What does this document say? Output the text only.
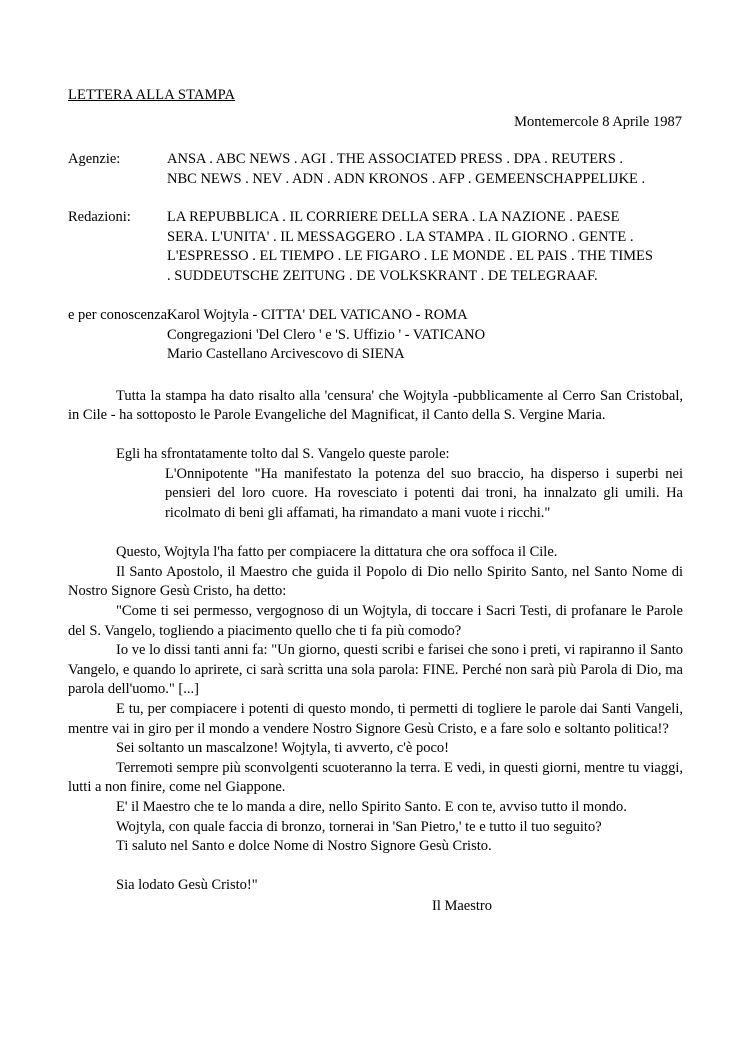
LETTERA ALLA STAMPA
Montemercole 8 Aprile 1987
Agenzie:	ANSA . ABC NEWS . AGI . THE ASSOCIATED PRESS . DPA . REUTERS .
NBC NEWS . NEV . ADN . ADN KRONOS . AFP . GEMEENSCHAPPELIJKE .
Redazioni:	LA REPUBBLICA . IL CORRIERE DELLA SERA . LA NAZIONE . PAESE
SERA. L'UNITA' . IL MESSAGGERO . LA STAMPA . IL GIORNO . GENTE .
L'ESPRESSO . EL TIEMPO . LE FIGARO . LE MONDE . EL PAIS . THE TIMES
. SUDDEUTSCHE ZEITUNG . DE VOLKSKRANT . DE TELEGRAAF.
e per conoscenza:
Karol Wojtyla - CITTA' DEL VATICANO - ROMA
Congregazioni 'Del Clero ' e 'S. Uffizio ' - VATICANO
Mario Castellano Arcivescovo di SIENA

Tutta la stampa ha dato risalto alla 'censura' che Wojtyla -pubblicamente al Cerro San Cristobal, in Cile - ha sottoposto le Parole Evangeliche del Magnificat, il Canto della S. Vergine Maria.

Egli ha sfrontatamente tolto dal S. Vangelo queste parole:

L'Onnipotente "Ha manifestato la potenza del suo braccio, ha disperso i superbi nei pensieri del loro cuore. Ha rovesciato i potenti dai troni, ha innalzato gli umili. Ha ricolmato di beni gli affamati, ha rimandato a mani vuote i ricchi."

Questo, Wojtyla l'ha fatto per compiacere la dittatura che ora soffoca il Cile.

Il Santo Apostolo, il Maestro che guida il Popolo di Dio nello Spirito Santo, nel Santo Nome di Nostro Signore Gesù Cristo, ha detto:

"Come ti sei permesso, vergognoso di un Wojtyla, di toccare i Sacri Testi, di profanare le Parole del S. Vangelo, togliendo a piacimento quello che ti fa più comodo?

Io ve lo dissi tanti anni fa: "Un giorno, questi scribi e farisei che sono i preti, vi rapiranno il Santo Vangelo, e quando lo aprirete, ci sarà scritta una sola parola: FINE. Perché non sarà più Parola di Dio, ma parola dell'uomo." [...]

E tu, per compiacere i potenti di questo mondo, ti permetti di togliere le parole dai Santi Vangeli, mentre vai in giro per il mondo a vendere Nostro Signore Gesù Cristo, e a fare solo e soltanto politica!?

Sei soltanto un mascalzone! Wojtyla, ti avverto, c'è poco!

Terremoti sempre più sconvolgenti scuoteranno la terra. E vedi, in questi giorni, mentre tu viaggi, lutti a non finire, come nel Giappone.

E' il Maestro che te lo manda a dire, nello Spirito Santo. E con te, avviso tutto il mondo.

Wojtyla, con quale faccia di bronzo, tornerai in 'San Pietro,' te e tutto il tuo seguito?

Ti saluto nel Santo e dolce Nome di Nostro Signore Gesù Cristo.

Sia lodato Gesù Cristo!"

Il Maestro
